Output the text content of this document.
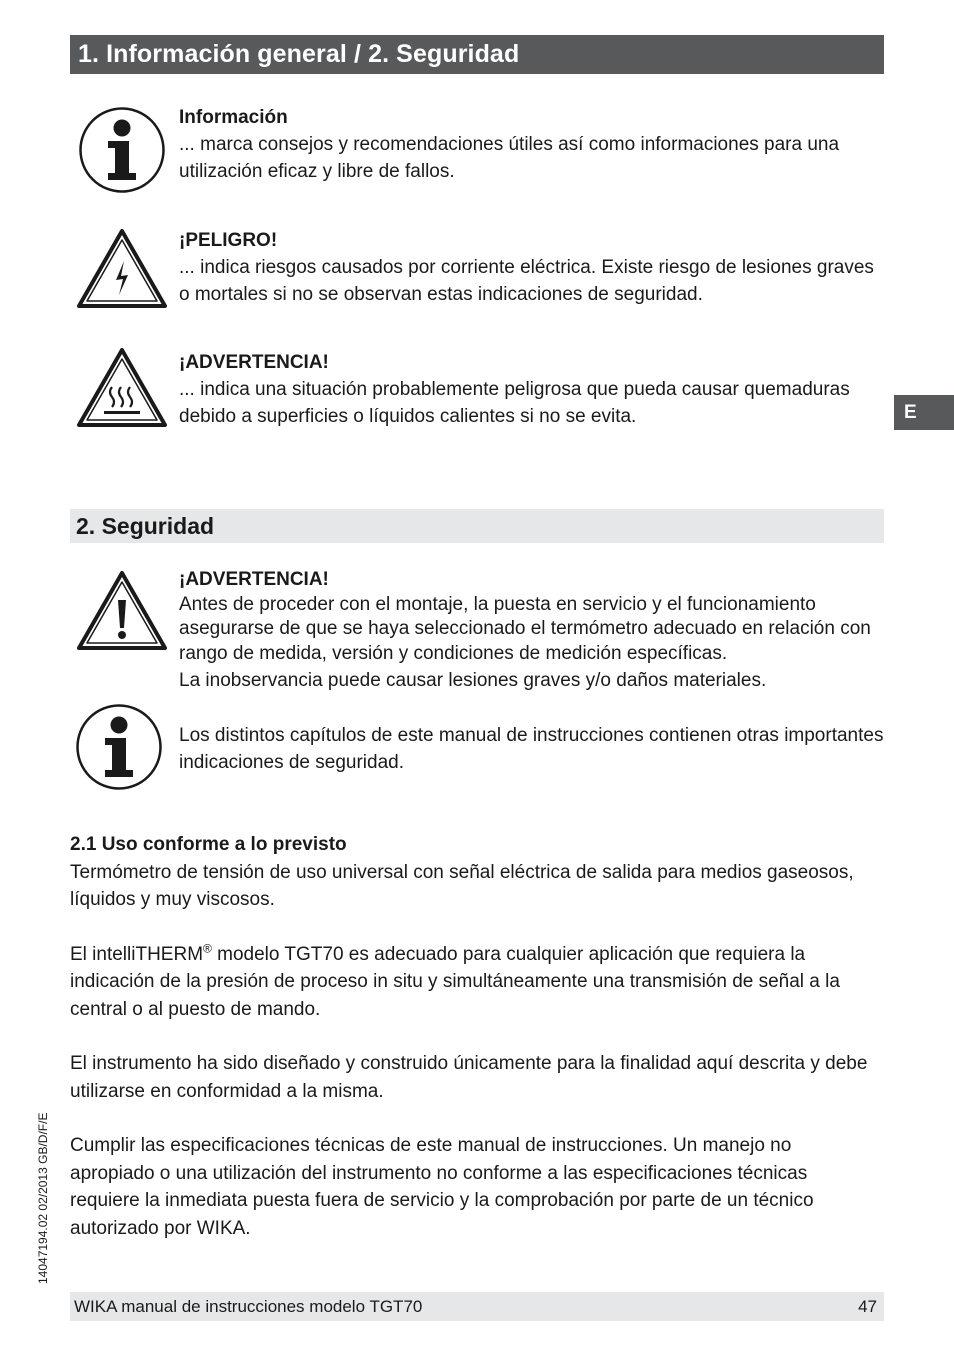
1. Información general / 2. Seguridad
E
Información

... marca consejos y recomendaciones útiles así como informaciones para una utilización eficaz y libre de fallos.

¡PELIGRO!

... indica riesgos causados por corriente eléctrica. Existe riesgo de lesiones graves o mortales si no se observan estas indicaciones de seguridad.

¡ADVERTENCIA!

... indica una situación probablemente peligrosa que pueda causar quemaduras debido a superficies o líquidos calientes si no se evita.

2. Seguridad
¡ADVERTENCIA!

Antes de proceder con el montaje, la puesta en servicio y el funcionamiento asegurarse de que se haya seleccionado el termómetro adecuado en relación con rango de medida, versión y condiciones de medición específicas.

La inobservancia puede causar lesiones graves y/o daños materiales.

Los distintos capítulos de este manual de instrucciones contienen otras importantes indicaciones de seguridad.

2.1 Uso conforme a lo previsto

Termómetro de tensión de uso universal con señal eléctrica de salida para medios gaseosos, líquidos y muy viscosos.

El intelliTHERM® modelo TGT70 es adecuado para cualquier aplicación que requiera la indicación de la presión de proceso in situ y simultáneamente una transmisión de señal a la central o al puesto de mando.

El instrumento ha sido diseñado y construido únicamente para la finalidad aquí descrita y debe utilizarse en conformidad a la misma.

Cumplir las especificaciones técnicas de este manual de instrucciones. Un manejo no apropiado o una utilización del instrumento no conforme a las especificaciones técnicas requiere la inmediata puesta fuera de servicio y la comprobación por parte de un técnico autorizado por WIKA.

14047194.02 02/2013 GB/D/F/E
WIKA manual de instrucciones modelo TGT70	47
